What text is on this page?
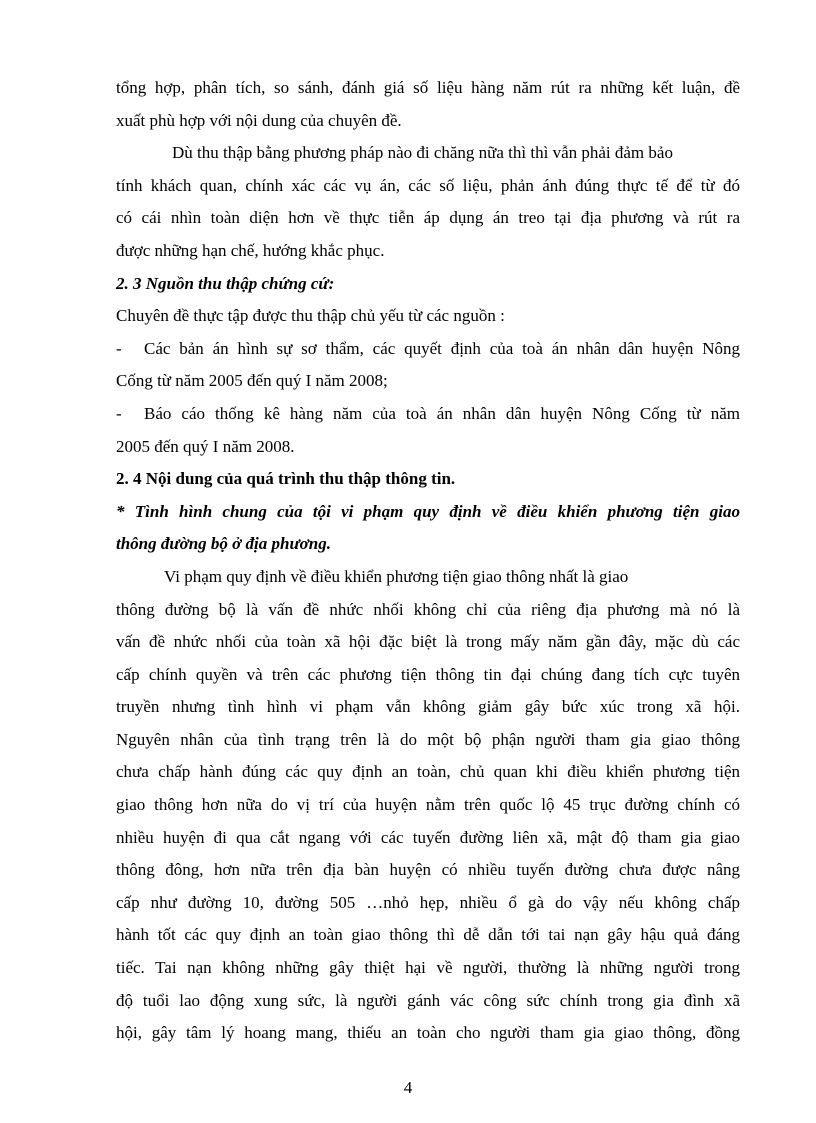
tổng hợp, phân tích, so sánh, đánh giá số liệu hàng năm rút ra những kết luận, đề
xuất phù hợp với nội dung của chuyên đề.
Dù thu thập bằng phương pháp nào đi chăng nữa thì thì vẫn phải đảm bảo
tính khách quan, chính xác các vụ án, các số liệu, phản ánh đúng thực tế để từ đó
có cái nhìn toàn diện hơn về thực tiễn áp dụng án treo tại địa phương và rút ra
được những hạn chế, hướng khắc phục.
2. 3 Nguồn thu thập chứng cứ:
Chuyên đề thực tập được thu thập chủ yếu từ các nguồn :
-	Các bản án hình sự sơ thẩm, các quyết định của toà án nhân dân huyện Nông
Cống từ năm 2005 đến quý I năm 2008;
-	Báo cáo thống kê hàng năm của toà án nhân dân huyện Nông Cống từ năm
2005 đến quý I năm 2008.
2. 4 Nội dung của quá trình thu thập thông tin.
* Tình hình chung của tội vi phạm quy định về điều khiển phương tiện giao
thông đường bộ ở địa phương.
Vi phạm quy định về điều khiển phương tiện giao thông nhất là giao
thông đường bộ là vấn đề nhức nhối không chỉ của riêng địa phương mà nó là
vấn đề nhức nhối của toàn xã hội đặc biệt là trong mấy năm gần đây, mặc dù các
cấp chính quyền và trên các phương tiện thông tin đại chúng đang tích cực tuyên
truyền nhưng tình hình vi phạm vẫn không giảm gây bức xúc trong xã hội.
Nguyên nhân của tình trạng trên là do một bộ phận người tham gia giao thông
chưa chấp hành đúng các quy định an toàn, chủ quan khi điều khiển phương tiện
giao thông hơn nữa do vị trí của huyện nằm trên quốc lộ 45 trục đường chính có
nhiều huyện đi qua cắt ngang với các tuyến đường liên xã, mật độ tham gia giao
thông đông, hơn nữa trên địa bàn huyện có nhiều tuyến đường chưa được nâng
cấp như đường 10, đường 505 …nhỏ hẹp, nhiều ổ gà do vậy nếu không chấp
hành tốt các quy định an toàn giao thông thì dễ dẫn tới tai nạn gây hậu quả đáng
tiếc. Tai nạn không những gây thiệt hại về người, thường là những người trong
độ tuổi lao động xung sức, là người gánh vác công sức chính trong gia đình xã
hội, gây tâm lý hoang mang, thiếu an toàn cho người tham gia giao thông, đồng
4
